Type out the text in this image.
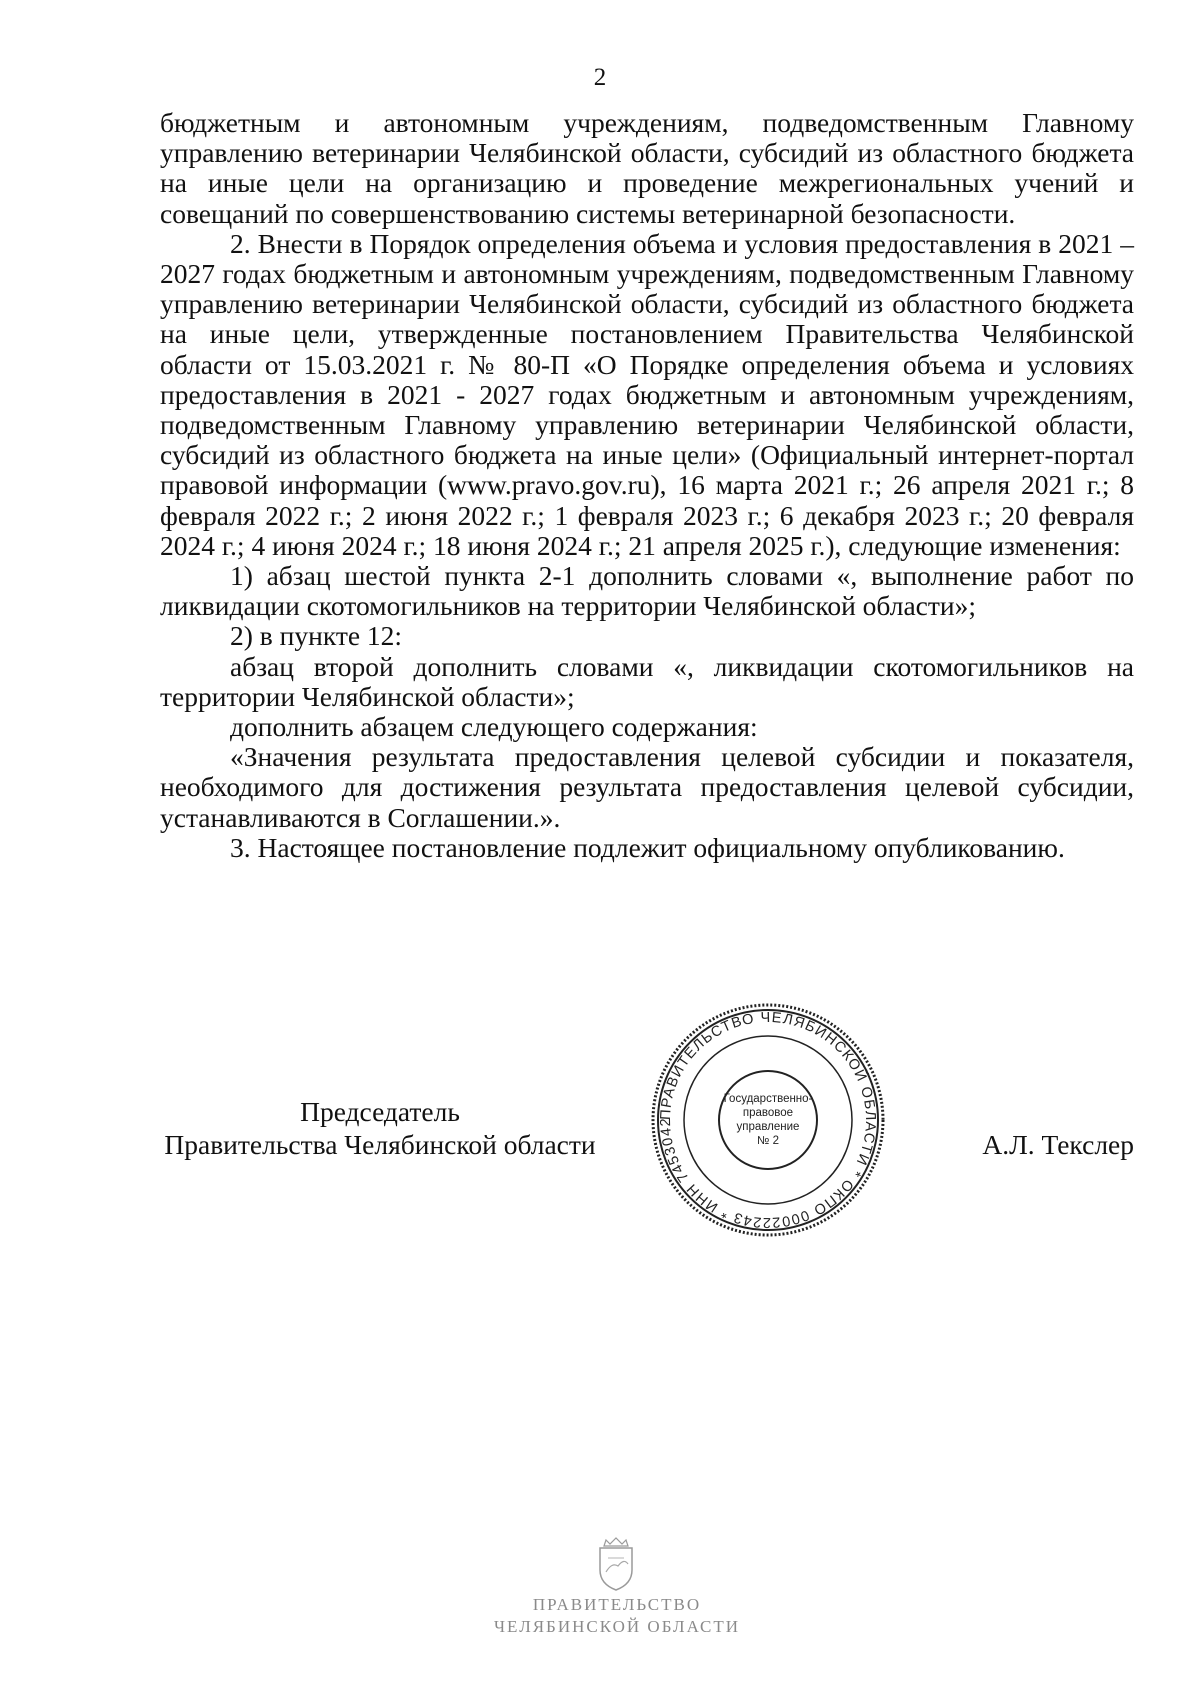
2

бюджетным и автономным учреждениям, подведомственным Главному управлению ветеринарии Челябинской области, субсидий из областного бюджета на иные цели на организацию и проведение межрегиональных учений и совещаний по совершенствованию системы ветеринарной безопасности.

2. Внести в Порядок определения объема и условия предоставления в 2021 – 2027 годах бюджетным и автономным учреждениям, подведомственным Главному управлению ветеринарии Челябинской области, субсидий из областного бюджета на иные цели, утвержденные постановлением Правительства Челябинской области от 15.03.2021 г. № 80-П «О Порядке определения объема и условиях предоставления в 2021 - 2027 годах бюджетным и автономным учреждениям, подведомственным Главному управлению ветеринарии Челябинской области, субсидий из областного бюджета на иные цели» (Официальный интернет-портал правовой информации (www.pravo.gov.ru), 16 марта 2021 г.; 26 апреля 2021 г.; 8 февраля 2022 г.; 2 июня 2022 г.; 1 февраля 2023 г.; 6 декабря 2023 г.; 20 февраля 2024 г.; 4 июня 2024 г.; 18 июня 2024 г.; 21 апреля 2025 г.), следующие изменения:

1) абзац шестой пункта 2-1 дополнить словами «, выполнение работ по ликвидации скотомогильников на территории Челябинской области»;

2) в пункте 12:

абзац второй дополнить словами «, ликвидации скотомогильников на территории Челябинской области»;

дополнить абзацем следующего содержания:

«Значения результата предоставления целевой субсидии и показателя, необходимого для достижения результата предоставления целевой субсидии, устанавливаются в Соглашении.».

3. Настоящее постановление подлежит официальному опубликованию.

Председатель
Правительства Челябинской области	А.Л. Текслер
ПРАВИТЕЛЬСТВО ЧЕЛЯБИНСКОЙ ОБЛАСТИ * ОКПО 00022243 * ИНН 7453042
Государственно-
правовое
управление
№ 2
ПРАВИТЕЛЬСТВО
ЧЕЛЯБИНСКОЙ ОБЛАСТИ
